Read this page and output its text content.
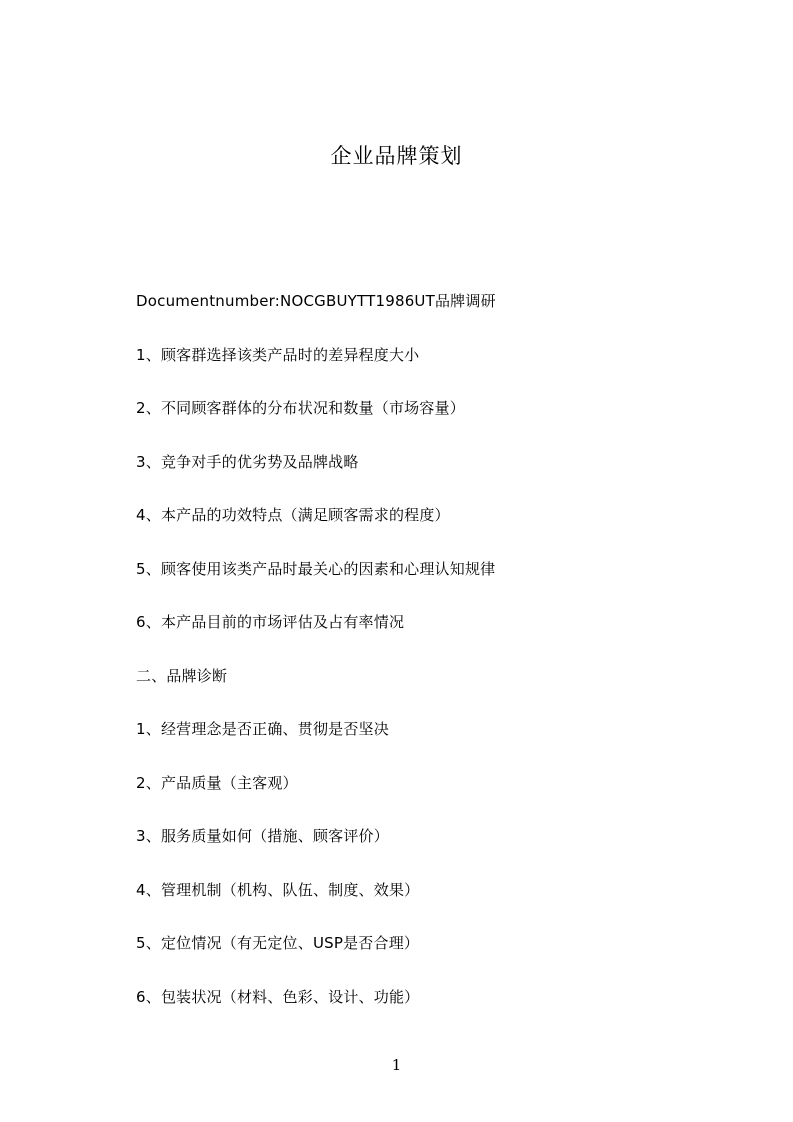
企业品牌策划
Documentnumber:NOCGBUYTT1986UT品牌调研
1、顾客群选择该类产品时的差异程度大小
2、不同顾客群体的分布状况和数量（市场容量）
3、竞争对手的优劣势及品牌战略
4、本产品的功效特点（满足顾客需求的程度）
5、顾客使用该类产品时最关心的因素和心理认知规律
6、本产品目前的市场评估及占有率情况
二、品牌诊断
1、经营理念是否正确、贯彻是否坚决
2、产品质量（主客观）
3、服务质量如何（措施、顾客评价）
4、管理机制（机构、队伍、制度、效果）
5、定位情况（有无定位、USP是否合理）
6、包装状况（材料、色彩、设计、功能）
1
